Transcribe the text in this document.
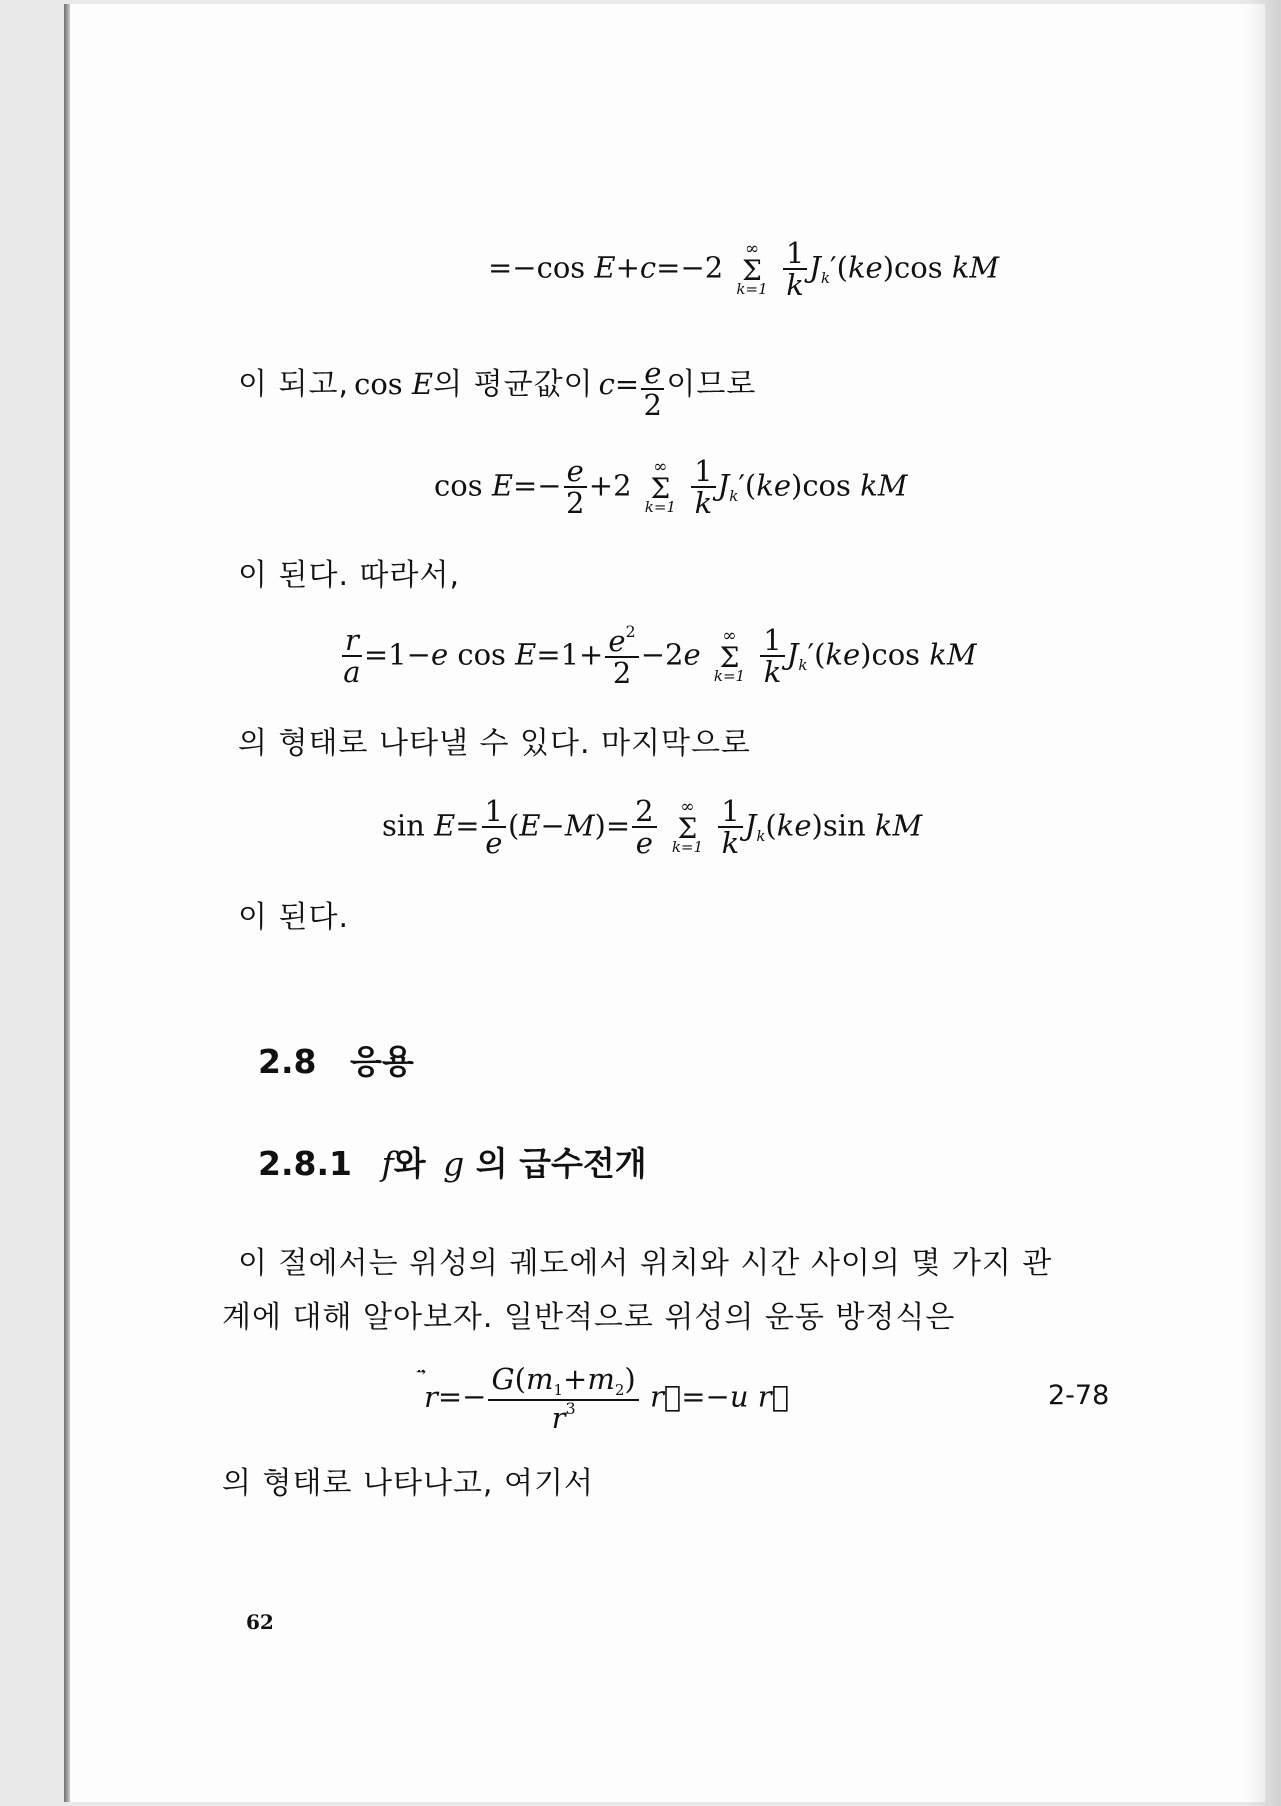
=−cos E+c=−2
∞
Σ
k=1
$\frac{1}{k} J_k'(ke)\cos$ kM
이 되고, cos E의 평균값이 $c= \frac{e}{2}$ 이므로
$\cos E=- \frac{e}{2} +2$
∞
Σ
k=1
$\frac{1}{k} J_k'(ke)\cos$ kM
이 된다. 따라서,
$\frac{r}{a} =1-e$ $\cos E=1+ \frac{e^2}{2} -2e$
∞
Σ
k=1
$\frac{1}{k} J_k'(ke)\cos$ kM
의 형태로 나타낼 수 있다. 마지막으로
$\sin E= \frac{1}{e} (E-M)= \frac{2}{e}$
	∞
Σ
k=1
$\frac{1}{k} J_k(ke)\sin$ kM
이 된다.
2.8 응용
2.8.1 f와 g 의 급수전개
이 절에서는 위성의 궤도에서 위치와 시간 사이의 몇 가지 관
계에 대해 알아보자. 일반적으로 위성의 운동 방정식은
r
=− $\frac{G(m_1+m_2)}{r^3}$ r⃗=−u r⃗	2-78
의 형태로 나타나고, 여기서
62
